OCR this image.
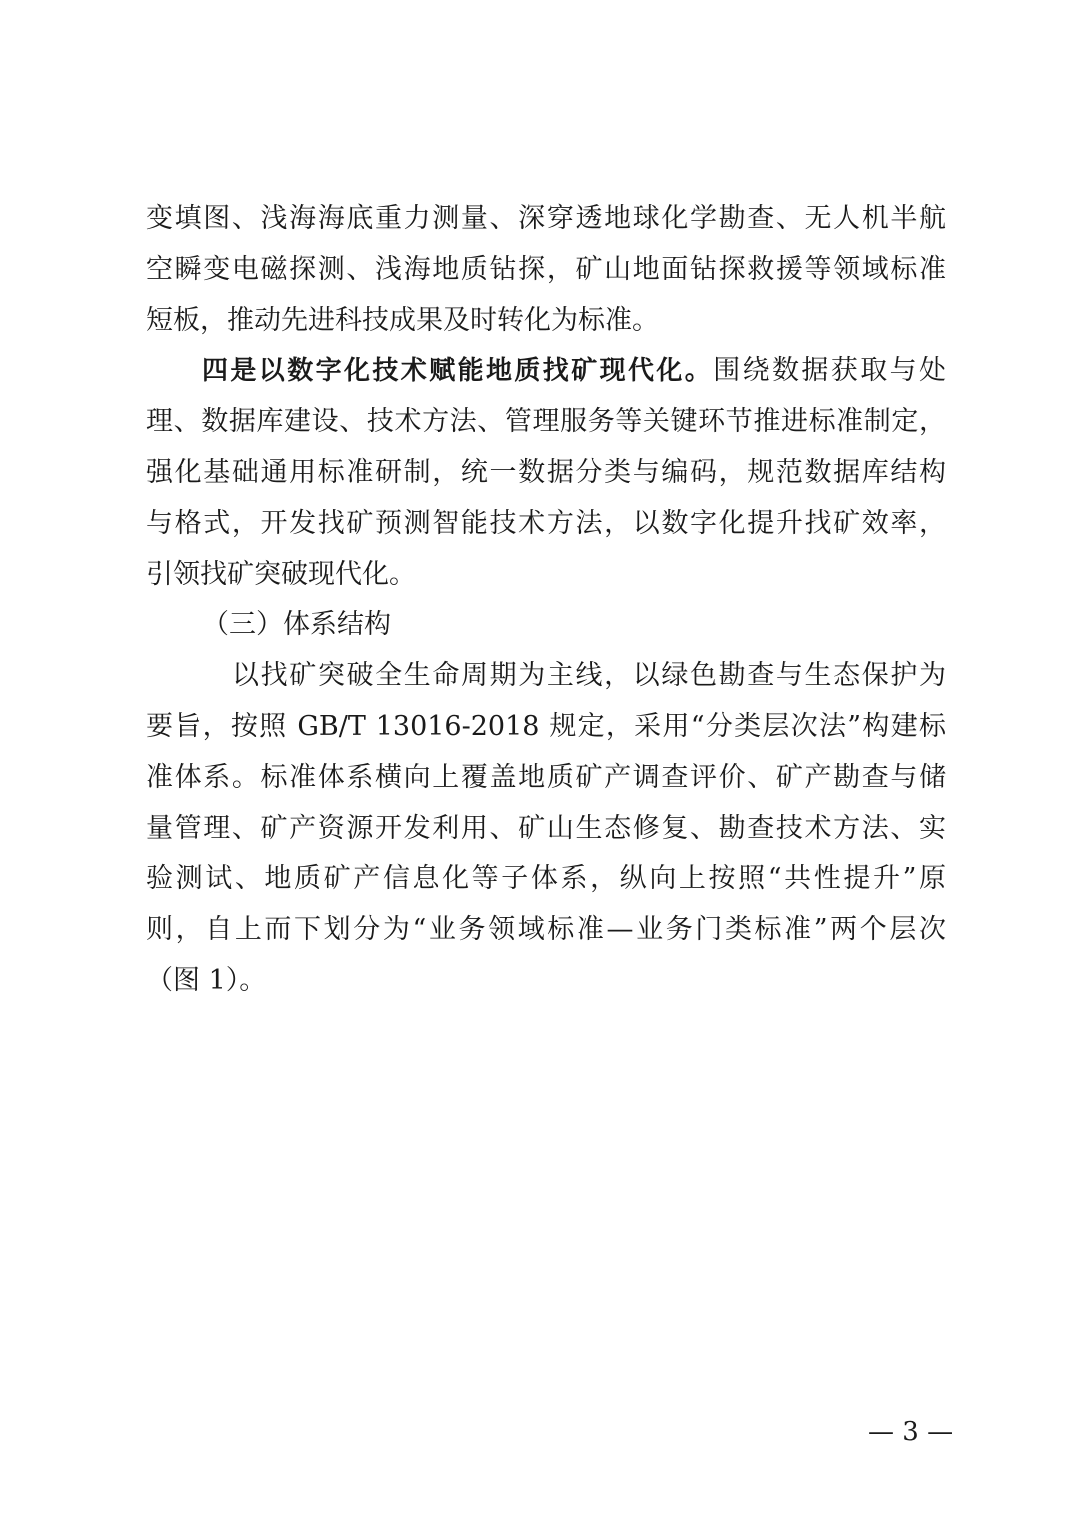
变填图、浅海海底重力测量、深穿透地球化学勘查、无人机半航
空瞬变电磁探测、浅海地质钻探，矿山地面钻探救援等领域标准
短板，推动先进科技成果及时转化为标准。
四是以数字化技术赋能地质找矿现代化。围绕数据获取与处
理、数据库建设、技术方法、管理服务等关键环节推进标准制定，
强化基础通用标准研制，统一数据分类与编码，规范数据库结构
与格式，开发找矿预测智能技术方法，以数字化提升找矿效率，
引领找矿突破现代化。
（三）体系结构
以找矿突破全生命周期为主线，以绿色勘查与生态保护为
要旨，按照 GB/T 13016-2018 规定，采用“分类层次法”构建标
准体系。标准体系横向上覆盖地质矿产调查评价、矿产勘查与储
量管理、矿产资源开发利用、矿山生态修复、勘查技术方法、实
验测试、地质矿产信息化等子体系，纵向上按照“共性提升”原
则，自上而下划分为“业务领域标准—业务门类标准”两个层次
（图 1）。
— 3 —
